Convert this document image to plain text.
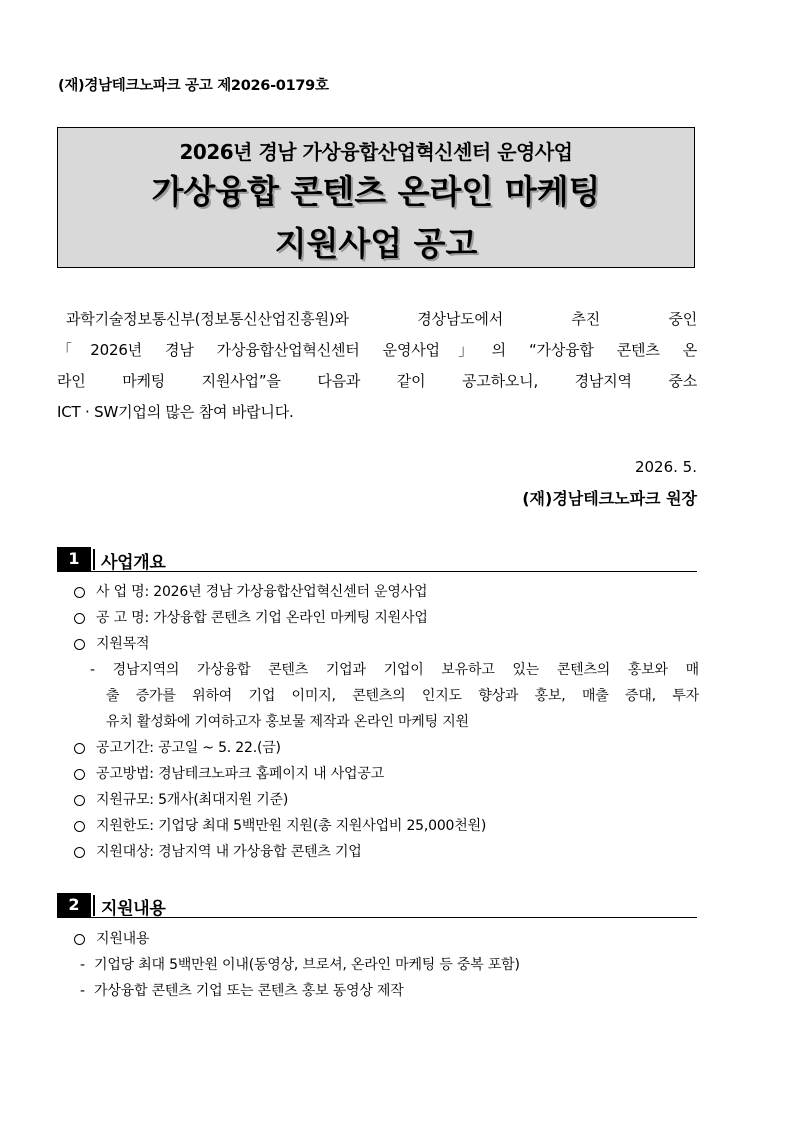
(재)경남테크노파크 공고 제2026-0179호
2026년 경남 가상융합산업혁신센터 운영사업
가상융합 콘텐츠 온라인 마케팅
지원사업 공고
과학기술정보통신부(정보통신산업진흥원)와 경상남도에서 추진 중인
「2026년 경남 가상융합산업혁신센터 운영사업」의 “가상융합 콘텐츠 온
라인 마케팅 지원사업”을 다음과 같이 공고하오니, 경남지역 중소
ICT · SW기업의 많은 참여 바랍니다.
2026. 5.
(재)경남테크노파크 원장
1	사업개요
사 업 명: 2026년 경남 가상융합산업혁신센터 운영사업
공 고 명: 가상융합 콘텐츠 기업 온라인 마케팅 지원사업
지원목적
- 경남지역의 가상융합 콘텐츠 기업과 기업이 보유하고 있는 콘텐츠의 홍보와 매
출 증가를 위하여 기업 이미지, 콘텐츠의 인지도 향상과 홍보, 매출 증대, 투자
유치 활성화에 기여하고자 홍보물 제작과 온라인 마케팅 지원
공고기간: 공고일 ~ 5. 22.(금)
공고방법: 경남테크노파크 홈페이지 내 사업공고
지원규모: 5개사(최대지원 기준)
지원한도: 기업당 최대 5백만원 지원(총 지원사업비 25,000천원)
지원대상: 경남지역 내 가상융합 콘텐츠 기업
2	지원내용
지원내용
- 기업당 최대 5백만원 이내(동영상, 브로셔, 온라인 마케팅 등 중복 포함)
- 가상융합 콘텐츠 기업 또는 콘텐츠 홍보 동영상 제작
